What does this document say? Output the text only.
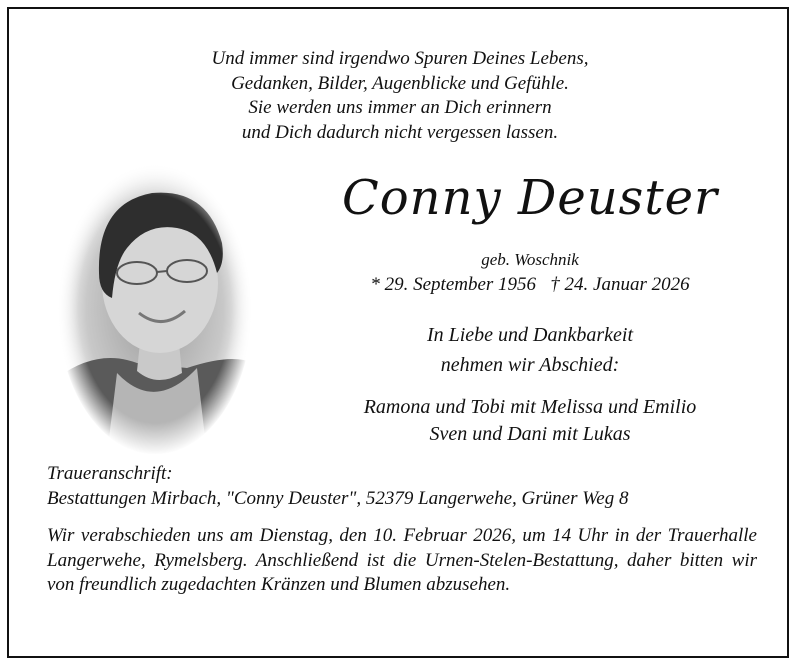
Und immer sind irgendwo Spuren Deines Lebens,
Gedanken, Bilder, Augenblicke und Gefühle.
Sie werden uns immer an Dich erinnern
und Dich dadurch nicht vergessen lassen.
Conny Deuster
geb. Woschnik
* 29. September 1956   † 24. Januar 2026
In Liebe und Dankbarkeit
nehmen wir Abschied:
Ramona und Tobi mit Melissa und Emilio
Sven und Dani mit Lukas
Traueranschrift:
Bestattungen Mirbach, "Conny Deuster", 52379 Langerwehe, Grüner Weg 8
Wir verabschieden uns am Dienstag, den 10. Februar 2026, um 14 Uhr in der Trauerhalle Langerwehe, Rymelsberg. Anschließend ist die Urnen-Stelen-Bestattung, daher bitten wir von freundlich zugedachten Kränzen und Blumen abzusehen.
